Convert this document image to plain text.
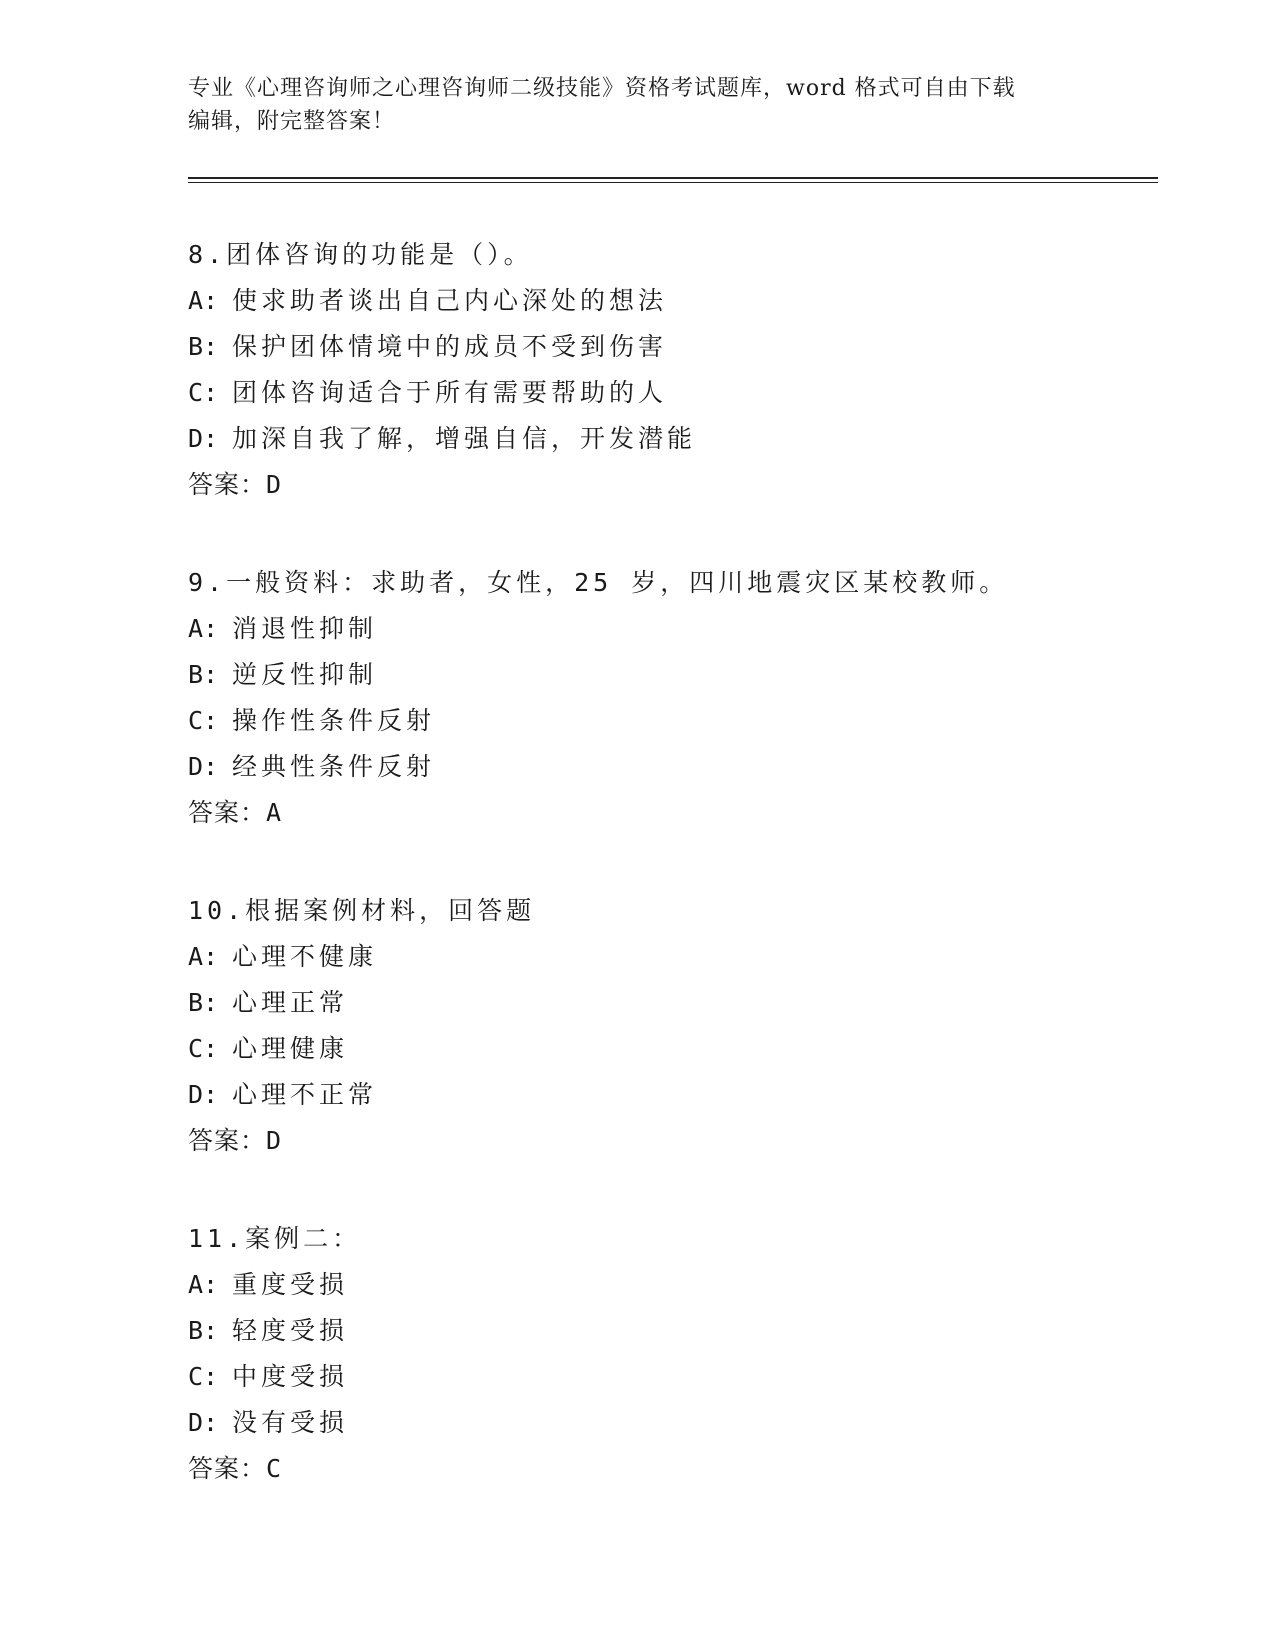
专业《心理咨询师之心理咨询师二级技能》资格考试题库，word 格式可自由下载
编辑，附完整答案！
8.团体咨询的功能是（）。
A: 使求助者谈出自己内心深处的想法
B: 保护团体情境中的成员不受到伤害
C: 团体咨询适合于所有需要帮助的人
D: 加深自我了解，增强自信，开发潜能
答案：D
9.一般资料：求助者，女性，25 岁，四川地震灾区某校教师。
A: 消退性抑制
B: 逆反性抑制
C: 操作性条件反射
D: 经典性条件反射
答案：A
10.根据案例材料，回答题
A: 心理不健康
B: 心理正常
C: 心理健康
D: 心理不正常
答案：D
11.案例二：
A: 重度受损
B: 轻度受损
C: 中度受损
D: 没有受损
答案：C
